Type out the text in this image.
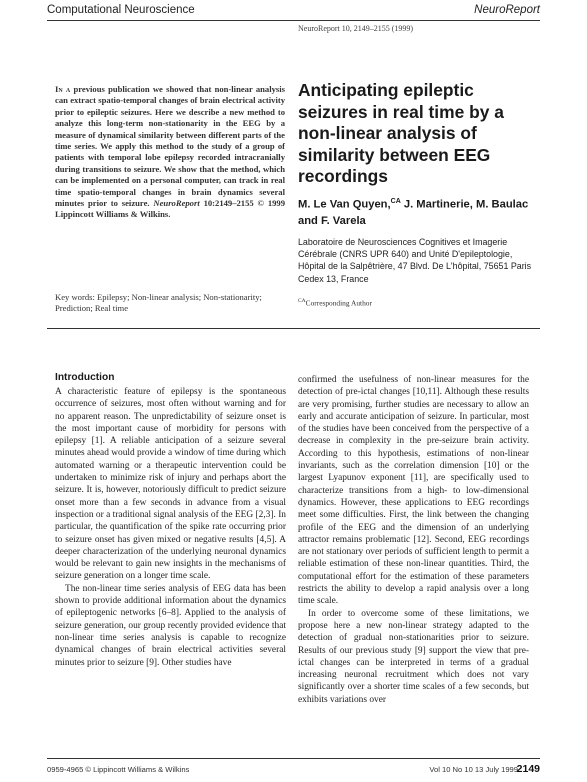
Computational Neuroscience	NeuroReport
NeuroReport 10, 2149–2155 (1999)
In a previous publication we showed that non-linear analysis can extract spatio-temporal changes of brain electrical activity prior to epileptic seizures. Here we describe a new method to analyze this long-term non-stationarity in the EEG by a measure of dynamical similarity between different parts of the time series. We apply this method to the study of a group of patients with temporal lobe epilepsy recorded intracranially during transitions to seizure. We show that the method, which can be implemented on a personal computer, can track in real time spatio-temporal changes in brain dynamics several minutes prior to seizure. NeuroReport 10:2149–2155 © 1999 Lippincott Williams & Wilkins.
Key words: Epilepsy; Non-linear analysis; Non-stationarity; Prediction; Real time
Anticipating epileptic seizures in real time by a non-linear analysis of similarity between EEG recordings
M. Le Van Quyen,$^{CA}$ J. Martinerie, M. Baulac and F. Varela
Laboratoire de Neurosciences Cognitives et Imagerie Cérébrale (CNRS UPR 640) and Unité D'epileptologie, Hôpital de la Salpêtrière, 47 Blvd. De L'hôpital, 75651 Paris Cedex 13, France
$^{CA}$Corresponding Author
Introduction

A characteristic feature of epilepsy is the spontaneous occurrence of seizures, most often without warning and for no apparent reason. The unpredictability of seizure onset is the most important cause of morbidity for persons with epilepsy [1]. A reliable anticipation of a seizure several minutes ahead would provide a window of time during which automated warning or a therapeutic intervention could be undertaken to minimize risk of injury and perhaps abort the seizure. It is, however, notoriously difficult to predict seizure onset more than a few seconds in advance from a visual inspection or a traditional signal analysis of the EEG [2,3]. In particular, the quantification of the spike rate occurring prior to seizure onset has given mixed or negative results [4,5]. A deeper characterization of the underlying neuronal dynamics would be relevant to gain new insights in the mechanisms of seizure generation on a longer time scale.

The non-linear time series analysis of EEG data has been shown to provide additional information about the dynamics of epileptogenic networks [6–8]. Applied to the analysis of seizure generation, our group recently provided evidence that non-linear time series analysis is capable to recognize dynamical changes of brain electrical activities several minutes prior to seizure [9]. Other studies have

confirmed the usefulness of non-linear measures for the detection of pre-ictal changes [10,11]. Although these results are very promising, further studies are necessary to allow an early and accurate anticipation of seizure. In particular, most of the studies have been conceived from the perspective of a decrease in complexity in the pre-seizure brain activity. According to this hypothesis, estimations of non-linear invariants, such as the correlation dimension [10] or the largest Lyapunov exponent [11], are specifically used to characterize transitions from a high- to low-dimensional dynamics. However, these applications to EEG recordings meet some difficulties. First, the link between the changing profile of the EEG and the dimension of an underlying attractor remains problematic [12]. Second, EEG recordings are not stationary over periods of sufficient length to permit a reliable estimation of these non-linear quantities. Third, the computational effort for the estimation of these parameters restricts the ability to develop a rapid analysis over a long time scale.

In order to overcome some of these limitations, we propose here a new non-linear strategy adapted to the detection of gradual non-stationarities prior to seizure. Results of our previous study [9] support the view that pre-ictal changes can be interpreted in terms of a gradual increasing neuronal recruitment which does not vary significantly over a shorter time scales of a few seconds, but exhibits variations over

0959-4965 © Lippincott Williams & Wilkins	Vol 10 No 10 13 July 1999
2149
